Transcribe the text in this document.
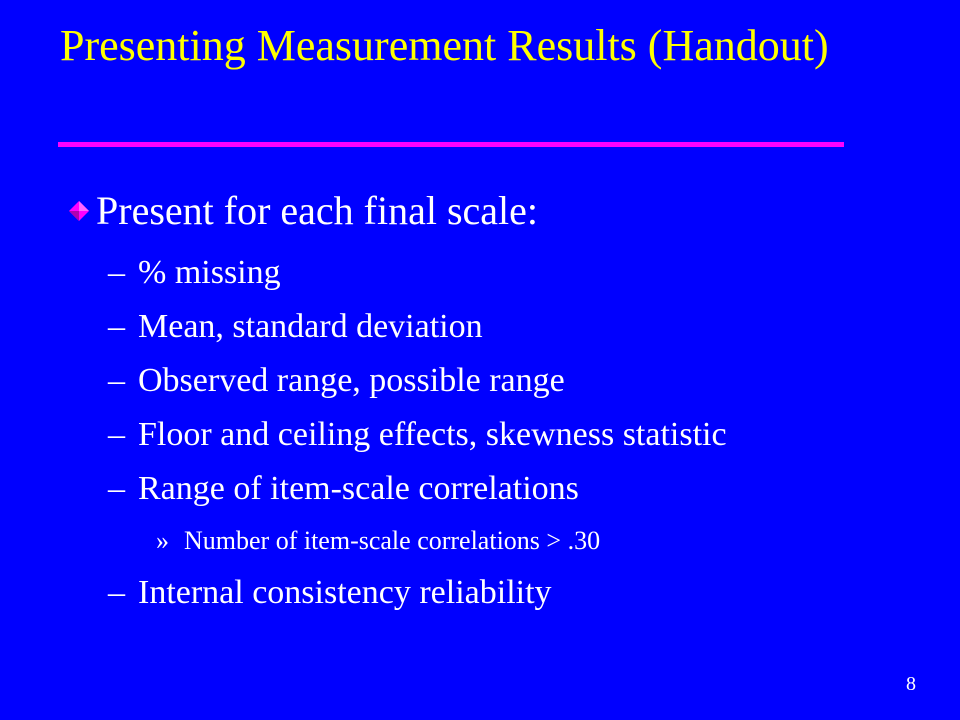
Presenting Measurement Results (Handout)
Present for each final scale:
– % missing
– Mean, standard deviation
– Observed range, possible range
– Floor and ceiling effects, skewness statistic
– Range of item-scale correlations
» Number of item-scale correlations > .30
– Internal consistency reliability
8
